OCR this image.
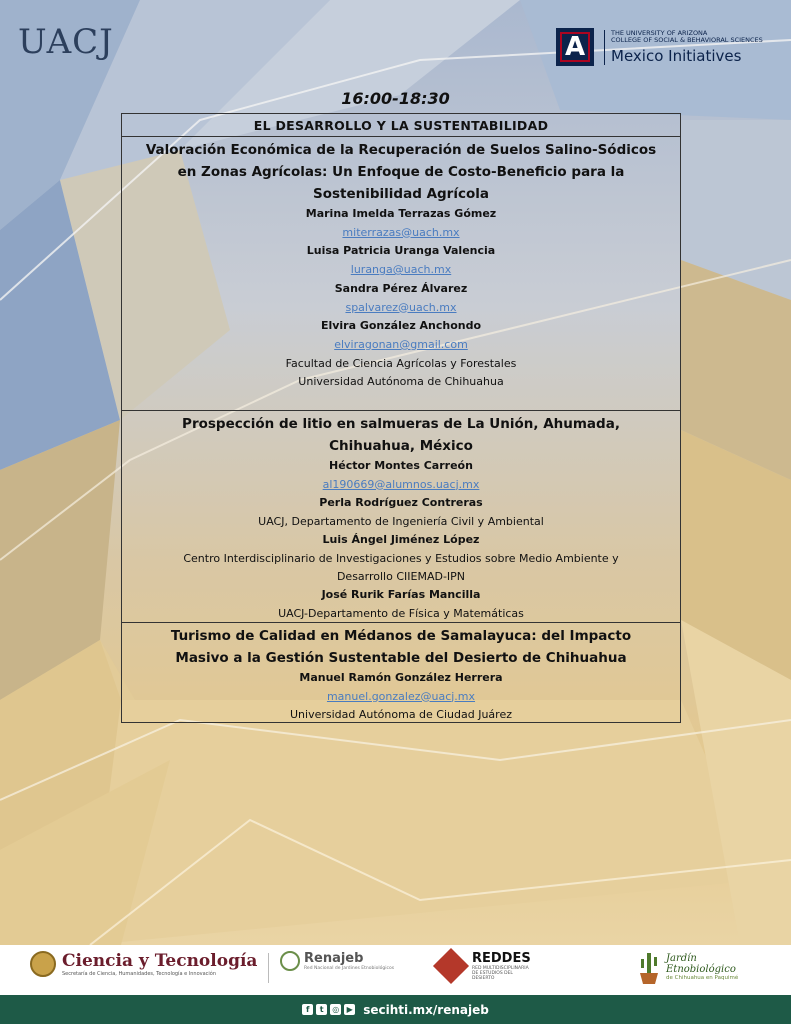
UACJ	A	THE UNIVERSITY OF ARIZONA
COLLEGE OF SOCIAL & BEHAVIORAL SCIENCES
Mexico Initiatives
16:00-18:30
EL DESARROLLO Y LA SUSTENTABILIDAD
Valoración Económica de la Recuperación de Suelos Salino-Sódicos
en Zonas Agrícolas: Un Enfoque de Costo-Beneficio para la
Sostenibilidad Agrícola
Marina Imelda Terrazas Gómez
miterrazas@uach.mx
Luisa Patricia Uranga Valencia
luranga@uach.mx
Sandra Pérez Álvarez
spalvarez@uach.mx
Elvira González Anchondo
elviragonan@gmail.com
Facultad de Ciencia Agrícolas y Forestales
Universidad Autónoma de Chihuahua
Prospección de litio en salmueras de La Unión, Ahumada,
Chihuahua, México
Héctor Montes Carreón
al190669@alumnos.uacj.mx
Perla Rodríguez Contreras
UACJ, Departamento de Ingeniería Civil y Ambiental
Luis Ángel Jiménez López
Centro Interdisciplinario de Investigaciones y Estudios sobre Medio Ambiente y
Desarrollo CIIEMAD-IPN
José Rurik Farías Mancilla
UACJ-Departamento de Física y Matemáticas
Turismo de Calidad en Médanos de Samalayuca: del Impacto
Masivo a la Gestión Sustentable del Desierto de Chihuahua
Manuel Ramón González Herrera
manuel.gonzalez@uacj.mx
Universidad Autónoma de Ciudad Juárez
Ciencia y Tecnología
Secretaría de Ciencia, Humanidades, Tecnología e Innovación
Renajeb
Red Nacional de Jardines Etnobiológicos
REDDES
RED MULTIDISCIPLINARIA
DE ESTUDIOS DEL
DESIERTO
Jardín
Etnobiológico
de Chihuahua en Paquimé
f	t	◎ ▶ secihti.mx/renajeb
